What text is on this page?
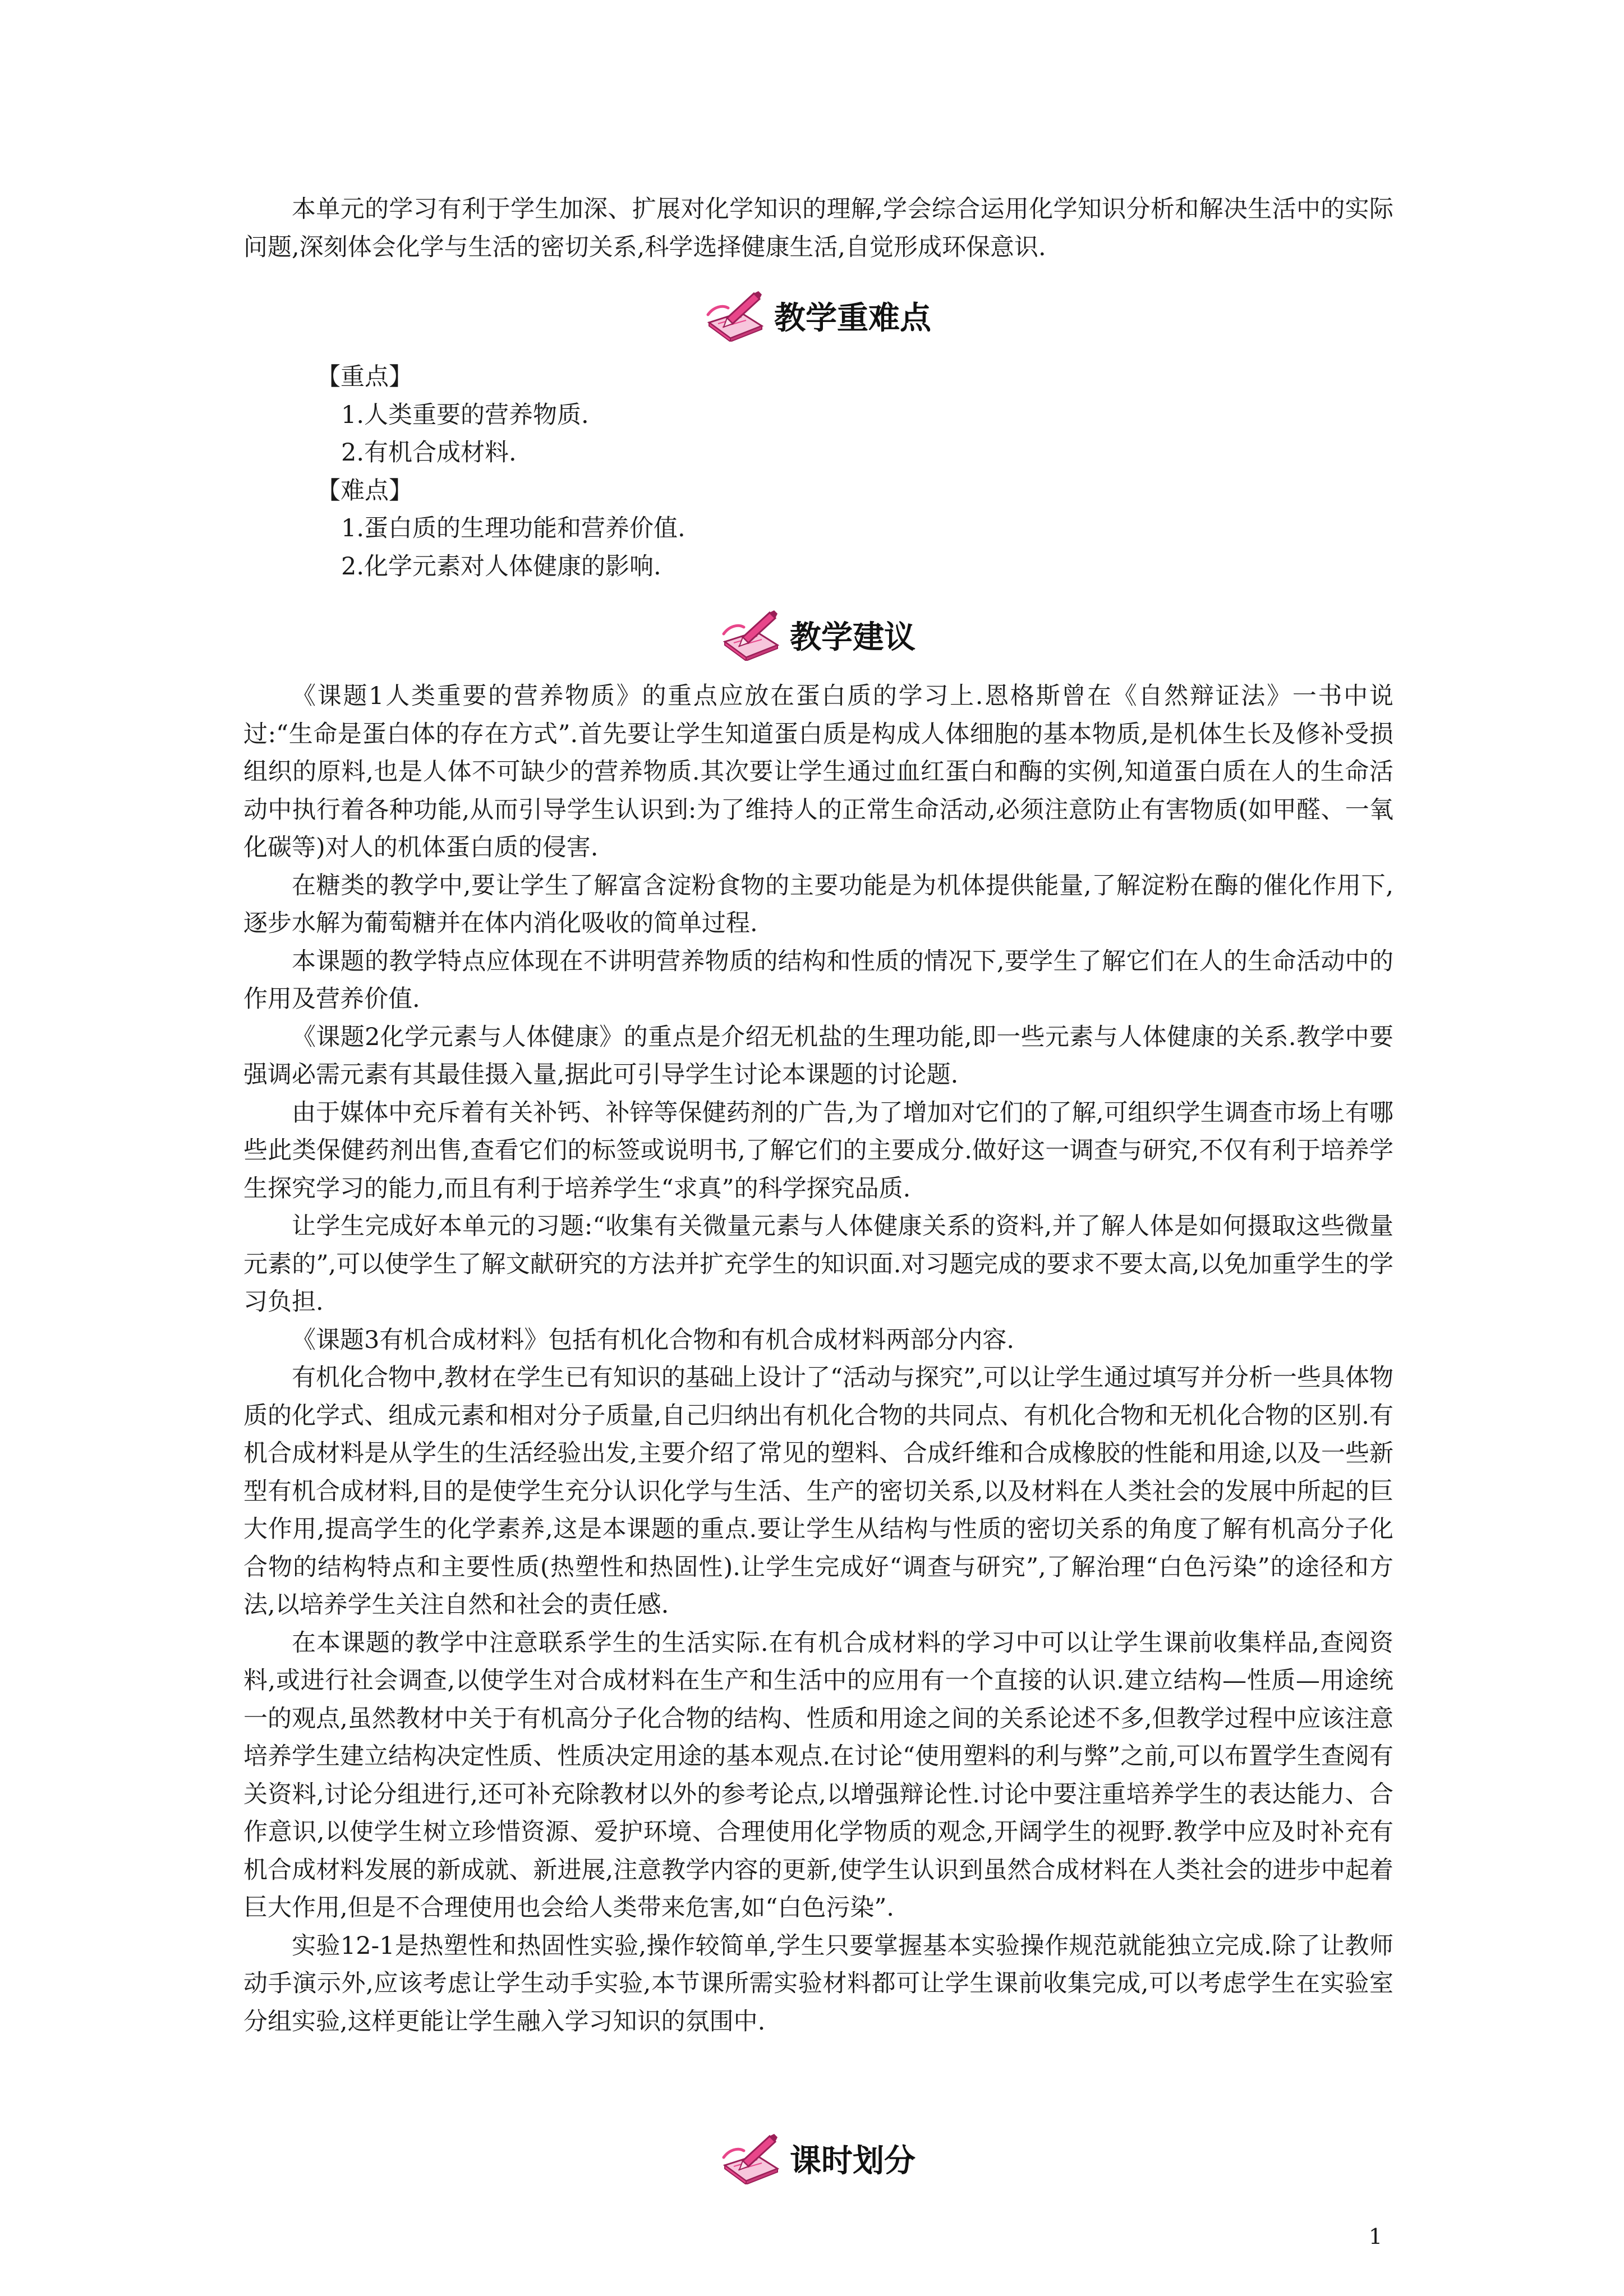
本单元的学习有利于学生加深、扩展对化学知识的理解,学会综合运用化学知识分析和解决生活中的实际问题,深刻体会化学与生活的密切关系,科学选择健康生活,自觉形成环保意识.

教学重难点

【重点】

1.人类重要的营养物质.

2.有机合成材料.

【难点】

1.蛋白质的生理功能和营养价值.

2.化学元素对人体健康的影响.

教学建议

《课题1人类重要的营养物质》的重点应放在蛋白质的学习上.恩格斯曾在《自然辩证法》一书中说过:“生命是蛋白体的存在方式”.首先要让学生知道蛋白质是构成人体细胞的基本物质,是机体生长及修补受损组织的原料,也是人体不可缺少的营养物质.其次要让学生通过血红蛋白和酶的实例,知道蛋白质在人的生命活动中执行着各种功能,从而引导学生认识到:为了维持人的正常生命活动,必须注意防止有害物质(如甲醛、一氧化碳等)对人的机体蛋白质的侵害.

在糖类的教学中,要让学生了解富含淀粉食物的主要功能是为机体提供能量,了解淀粉在酶的催化作用下,逐步水解为葡萄糖并在体内消化吸收的简单过程.

本课题的教学特点应体现在不讲明营养物质的结构和性质的情况下,要学生了解它们在人的生命活动中的作用及营养价值.

《课题2化学元素与人体健康》的重点是介绍无机盐的生理功能,即一些元素与人体健康的关系.教学中要强调必需元素有其最佳摄入量,据此可引导学生讨论本课题的讨论题.

由于媒体中充斥着有关补钙、补锌等保健药剂的广告,为了增加对它们的了解,可组织学生调查市场上有哪些此类保健药剂出售,查看它们的标签或说明书,了解它们的主要成分.做好这一调查与研究,不仅有利于培养学生探究学习的能力,而且有利于培养学生“求真”的科学探究品质.

让学生完成好本单元的习题:“收集有关微量元素与人体健康关系的资料,并了解人体是如何摄取这些微量元素的”,可以使学生了解文献研究的方法并扩充学生的知识面.对习题完成的要求不要太高,以免加重学生的学习负担.

《课题3有机合成材料》包括有机化合物和有机合成材料两部分内容.

有机化合物中,教材在学生已有知识的基础上设计了“活动与探究”,可以让学生通过填写并分析一些具体物质的化学式、组成元素和相对分子质量,自己归纳出有机化合物的共同点、有机化合物和无机化合物的区别.有机合成材料是从学生的生活经验出发,主要介绍了常见的塑料、合成纤维和合成橡胶的性能和用途,以及一些新型有机合成材料,目的是使学生充分认识化学与生活、生产的密切关系,以及材料在人类社会的发展中所起的巨大作用,提高学生的化学素养,这是本课题的重点.要让学生从结构与性质的密切关系的角度了解有机高分子化合物的结构特点和主要性质(热塑性和热固性).让学生完成好“调查与研究”,了解治理“白色污染”的途径和方法,以培养学生关注自然和社会的责任感.

在本课题的教学中注意联系学生的生活实际.在有机合成材料的学习中可以让学生课前收集样品,查阅资料,或进行社会调查,以使学生对合成材料在生产和生活中的应用有一个直接的认识.建立结构—性质—用途统一的观点,虽然教材中关于有机高分子化合物的结构、性质和用途之间的关系论述不多,但教学过程中应该注意培养学生建立结构决定性质、性质决定用途的基本观点.在讨论“使用塑料的利与弊”之前,可以布置学生查阅有关资料,讨论分组进行,还可补充除教材以外的参考论点,以增强辩论性.讨论中要注重培养学生的表达能力、合作意识,以使学生树立珍惜资源、爱护环境、合理使用化学物质的观念,开阔学生的视野.教学中应及时补充有机合成材料发展的新成就、新进展,注意教学内容的更新,使学生认识到虽然合成材料在人类社会的进步中起着巨大作用,但是不合理使用也会给人类带来危害,如“白色污染”.

实验12-1是热塑性和热固性实验,操作较简单,学生只要掌握基本实验操作规范就能独立完成.除了让教师动手演示外,应该考虑让学生动手实验,本节课所需实验材料都可让学生课前收集完成,可以考虑学生在实验室分组实验,这样更能让学生融入学习知识的氛围中.

课时划分
1
